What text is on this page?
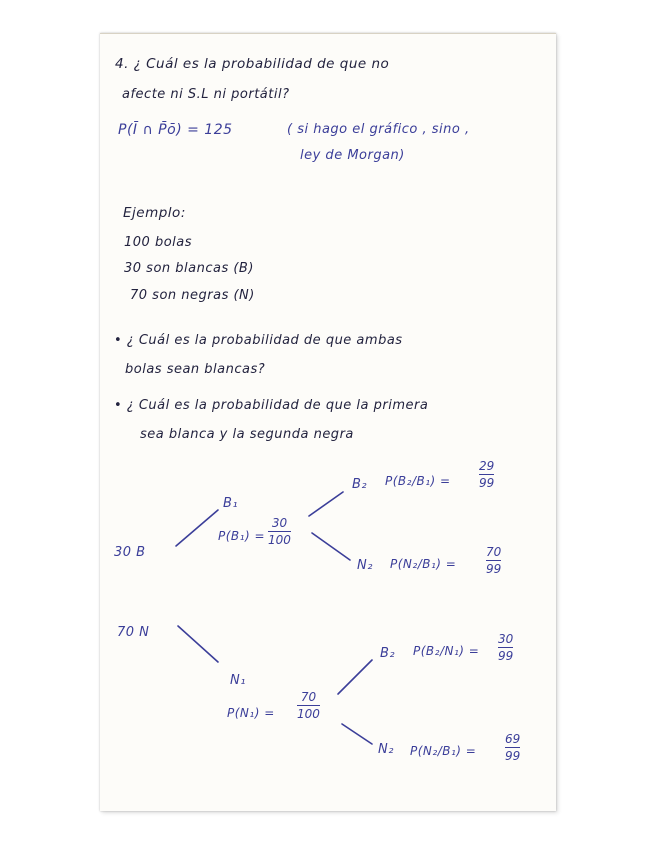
4. ¿ Cuál es la probabilidad de que no
afecte ni S.L ni portátil?
P(Ī ∩ P̄ō) = 125	( si hago el gráfico , sino ,
ley de Morgan)
Ejemplo:
100 bolas
30 son blancas (B)
70 son negras (N)
• ¿ Cuál es la probabilidad de que ambas
bolas sean blancas?
• ¿ Cuál es la probabilidad de que la primera
sea blanca y la segunda negra
30 B
B₁
P(B₁) =
30
100
B₂ P(B₂/B₁) =
29
99
N₂ P(N₂/B₁) =
70
99
70 N
N₁
P(N₁) =
70
100
B₂ P(B₂/N₁) =
30
99
N₂ P(N₂/B₁) =
69
99
